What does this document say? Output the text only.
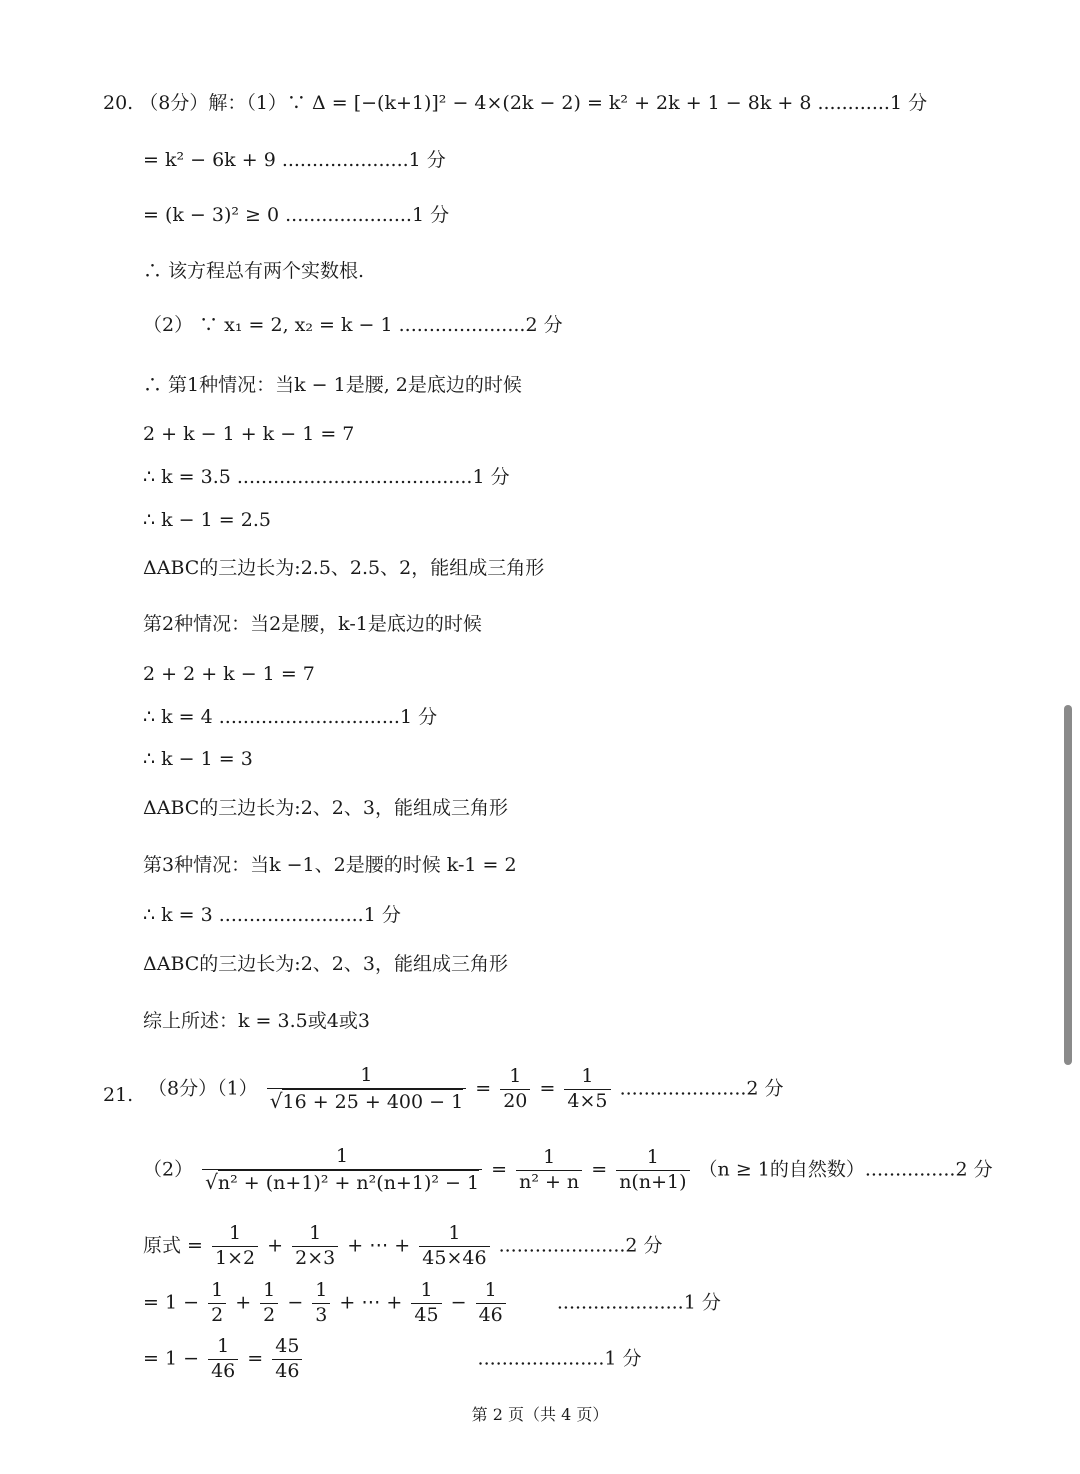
20. （8分）解：（1）∵ Δ = [−(k+1)]² − 4×(2k − 2) = k² + 2k + 1 − 8k + 8 ............1 分
= k² − 6k + 9 .....................1 分
= (k − 3)² ≥ 0 .....................1 分
∴ 该方程总有两个实数根.
（2） ∵ x₁ = 2, x₂ = k − 1 .....................2 分
∴ 第1种情况：当k − 1是腰, 2是底边的时候
2 + k − 1 + k − 1 = 7
∴ k = 3.5 .......................................1 分
∴ k − 1 = 2.5
ΔABC的三边长为:2.5、2.5、2，能组成三角形
第2种情况：当2是腰，k-1是底边的时候
2 + 2 + k − 1 = 7
∴ k = 4 ..............................1 分
∴ k − 1 = 3
ΔABC的三边长为:2、2、3，能组成三角形
第3种情况：当k −1、2是腰的时候 k-1 = 2
∴ k = 3 ........................1 分
ΔABC的三边长为:2、2、3，能组成三角形
综上所述：k = 3.5或4或3
21. （8分）$(1) \frac{1}{√16 + 25 + 400 - 1} = \frac{1}{20} = \frac{1}{4\times 5} .....................2$ 分
$(2) \frac{1}{\text{√n² + (n+1)² + n²(n+1)² − 1}} = \frac{1}{\text{n² + n}} = \frac{1}{n(n+1)} (n \ge 1$的自然数）...............2 分
原式 = $\frac{1}{1\times 2} + \frac{1}{2\times 3}$ + ⋯ + $\frac{1}{45\times 46} .....................2$ 分
= $1 - \frac{1}{2} + \frac{1}{2} - \frac{1}{3}$ + ⋯ + $\frac{1}{45} - \frac{1}{46}$	.....................1 分
= $1 - \frac{1}{46} = \frac{45}{46}$	.....................1 分
第 2 页（共 4 页）
